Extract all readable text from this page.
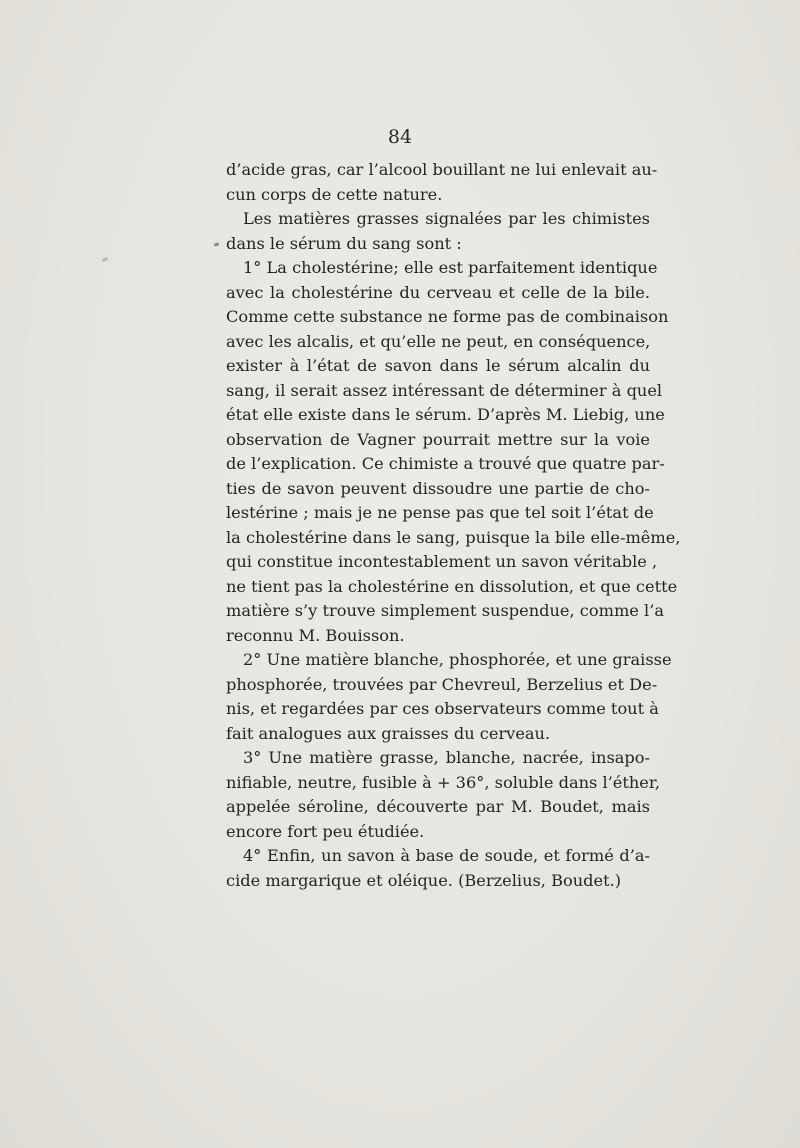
84
d’acide gras, car l’alcool bouillant ne lui enlevait au-
cun corps de cette nature.
Les matières grasses signalées par les chimistes
dans le sérum du sang sont :
1° La cholestérine; elle est parfaitement identique
avec la cholestérine du cerveau et celle de la bile.
Comme cette substance ne forme pas de combinaison
avec les alcalis, et qu’elle ne peut, en conséquence,
exister à l’état de savon dans le sérum alcalin du
sang, il serait assez intéressant de déterminer à quel
état elle existe dans le sérum. D’après M. Liebig, une
observation de Vagner pourrait mettre sur la voie
de l’explication. Ce chimiste a trouvé que quatre par-
ties de savon peuvent dissoudre une partie de cho-
lestérine ; mais je ne pense pas que tel soit l’état de
la cholestérine dans le sang, puisque la bile elle-même,
qui constitue incontestablement un savon véritable ,
ne tient pas la cholestérine en dissolution, et que cette
matière s’y trouve simplement suspendue, comme l’a
reconnu M. Bouisson.
2° Une matière blanche, phosphorée, et une graisse
phosphorée, trouvées par Chevreul, Berzelius et De-
nis, et regardées par ces observateurs comme tout à
fait analogues aux graisses du cerveau.
3° Une matière grasse, blanche, nacrée, insapo-
nifiable, neutre, fusible à + 36°, soluble dans l’éther,
appelée séroline, découverte par M. Boudet, mais
encore fort peu étudiée.
4° Enfin, un savon à base de soude, et formé d’a-
cide margarique et oléique. (Berzelius, Boudet.)
